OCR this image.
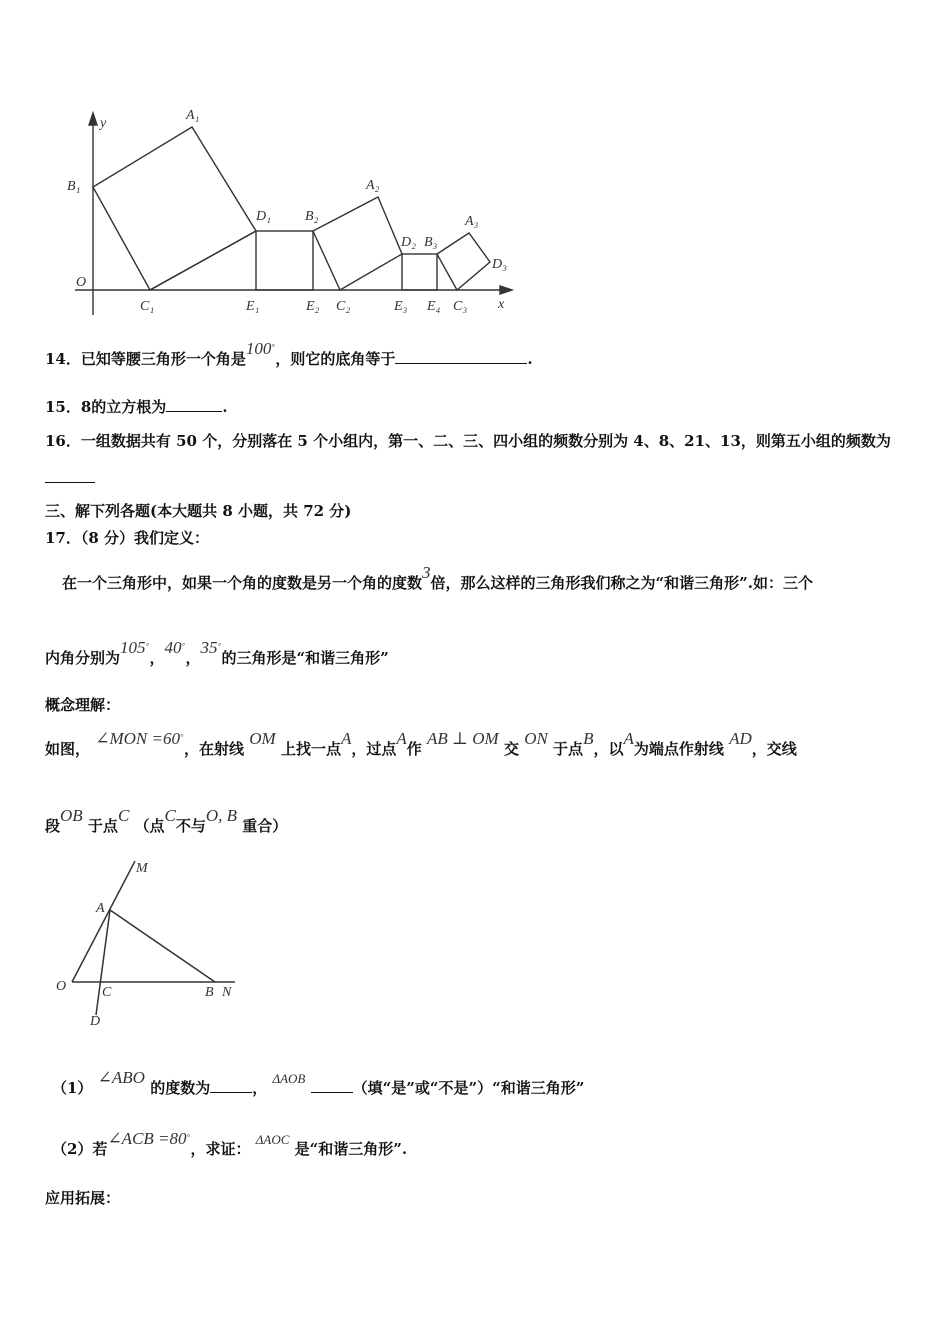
y
x
O
A₁
B₁
C₁
D₁
E₁
B₂
A₂
E₂ C₂
D₂ B₃
A₃
D₃
E₃ E₄ C₃
14．已知等腰三角形一个角是100°，则它的底角等于	.
15．8的立方根为	.
16．一组数据共有 50 个，分别落在 5 个小组内，第一、二、三、四小组的频数分别为 4、8、21、13，则第五小组的频数为
三、解下列各题(本大题共 8 小题，共 72 分)
17．（8 分）我们定义：
在一个三角形中，如果一个角的度数是另一个角的度数3倍，那么这样的三角形我们称之为“和谐三角形”.如：三个
内角分别为105°，40°，35°的三角形是“和谐三角形”
概念理解：
如图， ∠MON =60°，在射线 OM 上找一点A，过点A作 AB ⊥ OM 交 ON 于点B，以A为端点作射线 AD，交线
段OB 于点C （点C不与O, B 重合）
M
A
O	C	B N
D
（1） ∠ABO 的度数为	， ΔAOB （填“是”或“不是”）“和谐三角形”
（2）若∠ACB =80°，求证： ΔAOC 是“和谐三角形”.
应用拓展：
